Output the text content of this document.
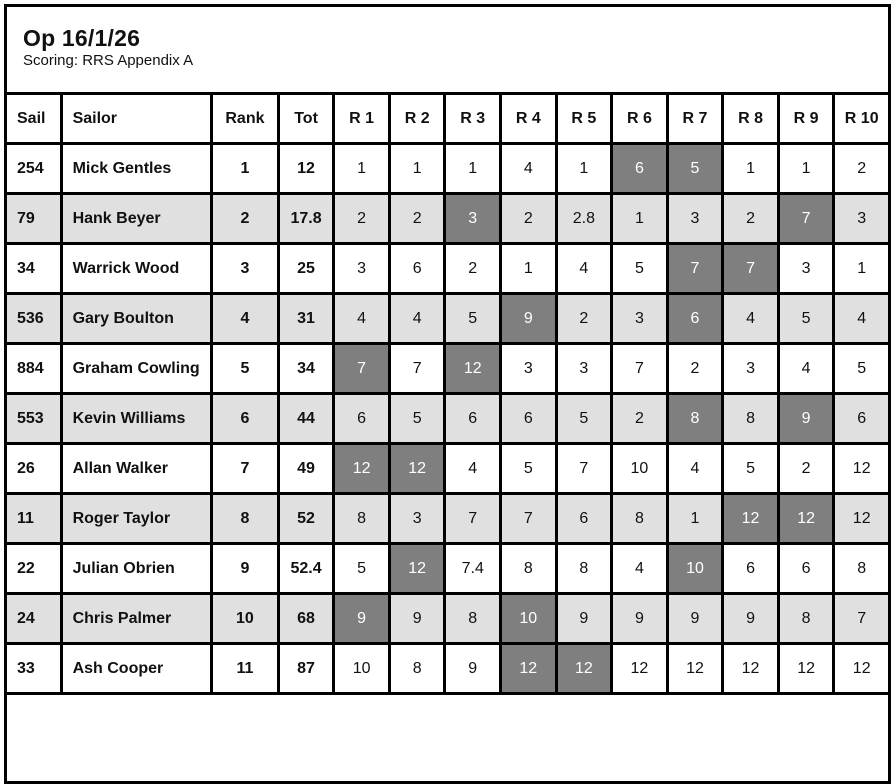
Op 16/1/26
Scoring: RRS Appendix A
Sail	Sailor	Rank	Tot	R 1	R 2	R 3	R 4	R 5	R 6	R 7	R 8	R 9	R 10
254	Mick Gentles	1	12	1	1	1	4	1	6	5	1	1	2
79	Hank Beyer	2	17.8	2	2	3	2	2.8	1	3	2	7	3
34	Warrick Wood	3	25	3	6	2	1	4	5	7	7	3	1
536	Gary Boulton	4	31	4	4	5	9	2	3	6	4	5	4
884	Graham Cowling	5	34	7	7	12	3	3	7	2	3	4	5
553	Kevin Williams	6	44	6	5	6	6	5	2	8	8	9	6
26	Allan Walker	7	49	12	12	4	5	7	10	4	5	2	12
11	Roger Taylor	8	52	8	3	7	7	6	8	1	12	12	12
22	Julian Obrien	9	52.4	5	12	7.4	8	8	4	10	6	6	8
24	Chris Palmer	10	68	9	9	8	10	9	9	9	9	8	7
33	Ash Cooper	11	87	10	8	9	12	12	12	12	12	12	12
